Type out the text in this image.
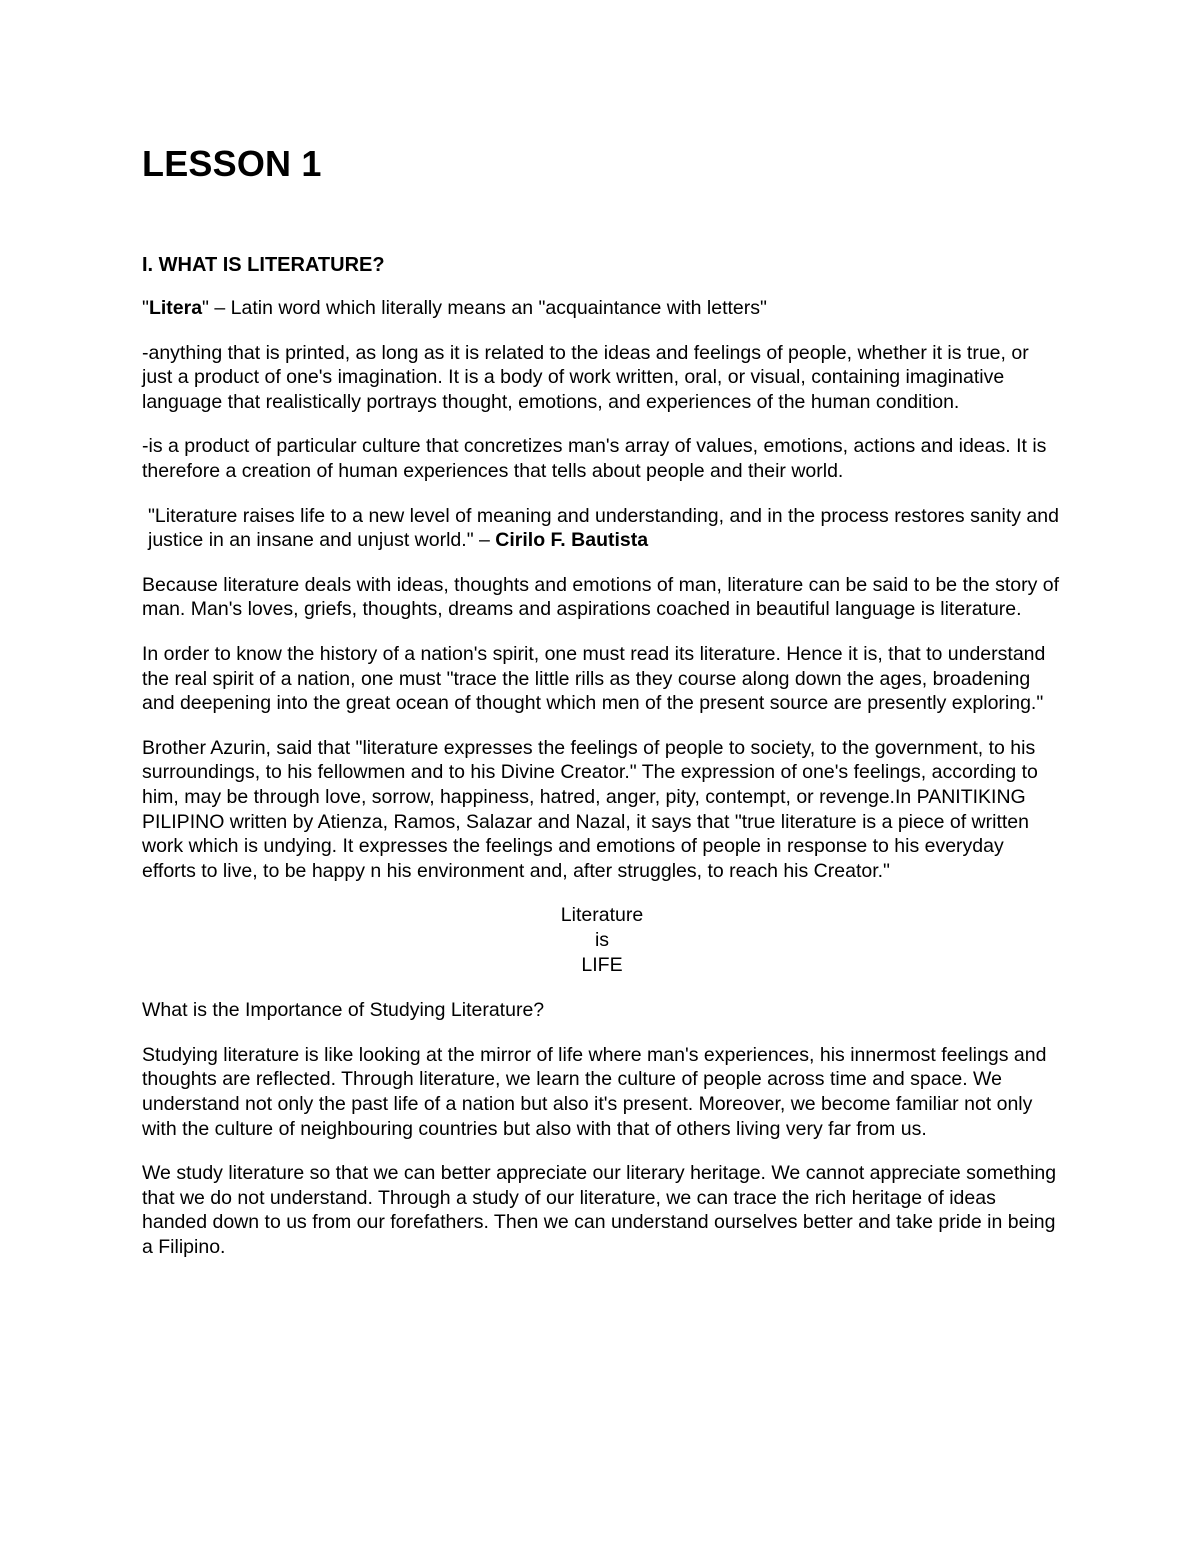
LESSON 1
I. WHAT IS LITERATURE?

"Litera" – Latin word which literally means an "acquaintance with letters"

-anything that is printed, as long as it is related to the ideas and feelings of people, whether it is true, or just a product of one's imagination. It is a body of work written, oral, or visual, containing imaginative language that realistically portrays thought, emotions, and experiences of the human condition.

-is a product of particular culture that concretizes man's array of values, emotions, actions and ideas. It is therefore a creation of human experiences that tells about people and their world.

"Literature raises life to a new level of meaning and understanding, and in the process restores sanity and justice in an insane and unjust world." – Cirilo F. Bautista

Because literature deals with ideas, thoughts and emotions of man, literature can be said to be the story of man. Man's loves, griefs, thoughts, dreams and aspirations coached in beautiful language is literature.

In order to know the history of a nation's spirit, one must read its literature. Hence it is, that to understand the real spirit of a nation, one must "trace the little rills as they course along down the ages, broadening and deepening into the great ocean of thought which men of the present source are presently exploring."

Brother Azurin, said that "literature expresses the feelings of people to society, to the government, to his surroundings, to his fellowmen and to his Divine Creator." The expression of one's feelings, according to him, may be through love, sorrow, happiness, hatred, anger, pity, contempt, or revenge.In PANITIKING PILIPINO written by Atienza, Ramos, Salazar and Nazal, it says that "true literature is a piece of written work which is undying. It expresses the feelings and emotions of people in response to his everyday efforts to live, to be happy n his environment and, after struggles, to reach his Creator."

Literature
is
LIFE

What is the Importance of Studying Literature?

Studying literature is like looking at the mirror of life where man's experiences, his innermost feelings and thoughts are reflected. Through literature, we learn the culture of people across time and space. We understand not only the past life of a nation but also it's present. Moreover, we become familiar not only with the culture of neighbouring countries but also with that of others living very far from us.

We study literature so that we can better appreciate our literary heritage. We cannot appreciate something that we do not understand. Through a study of our literature, we can trace the rich heritage of ideas handed down to us from our forefathers. Then we can understand ourselves better and take pride in being a Filipino.
